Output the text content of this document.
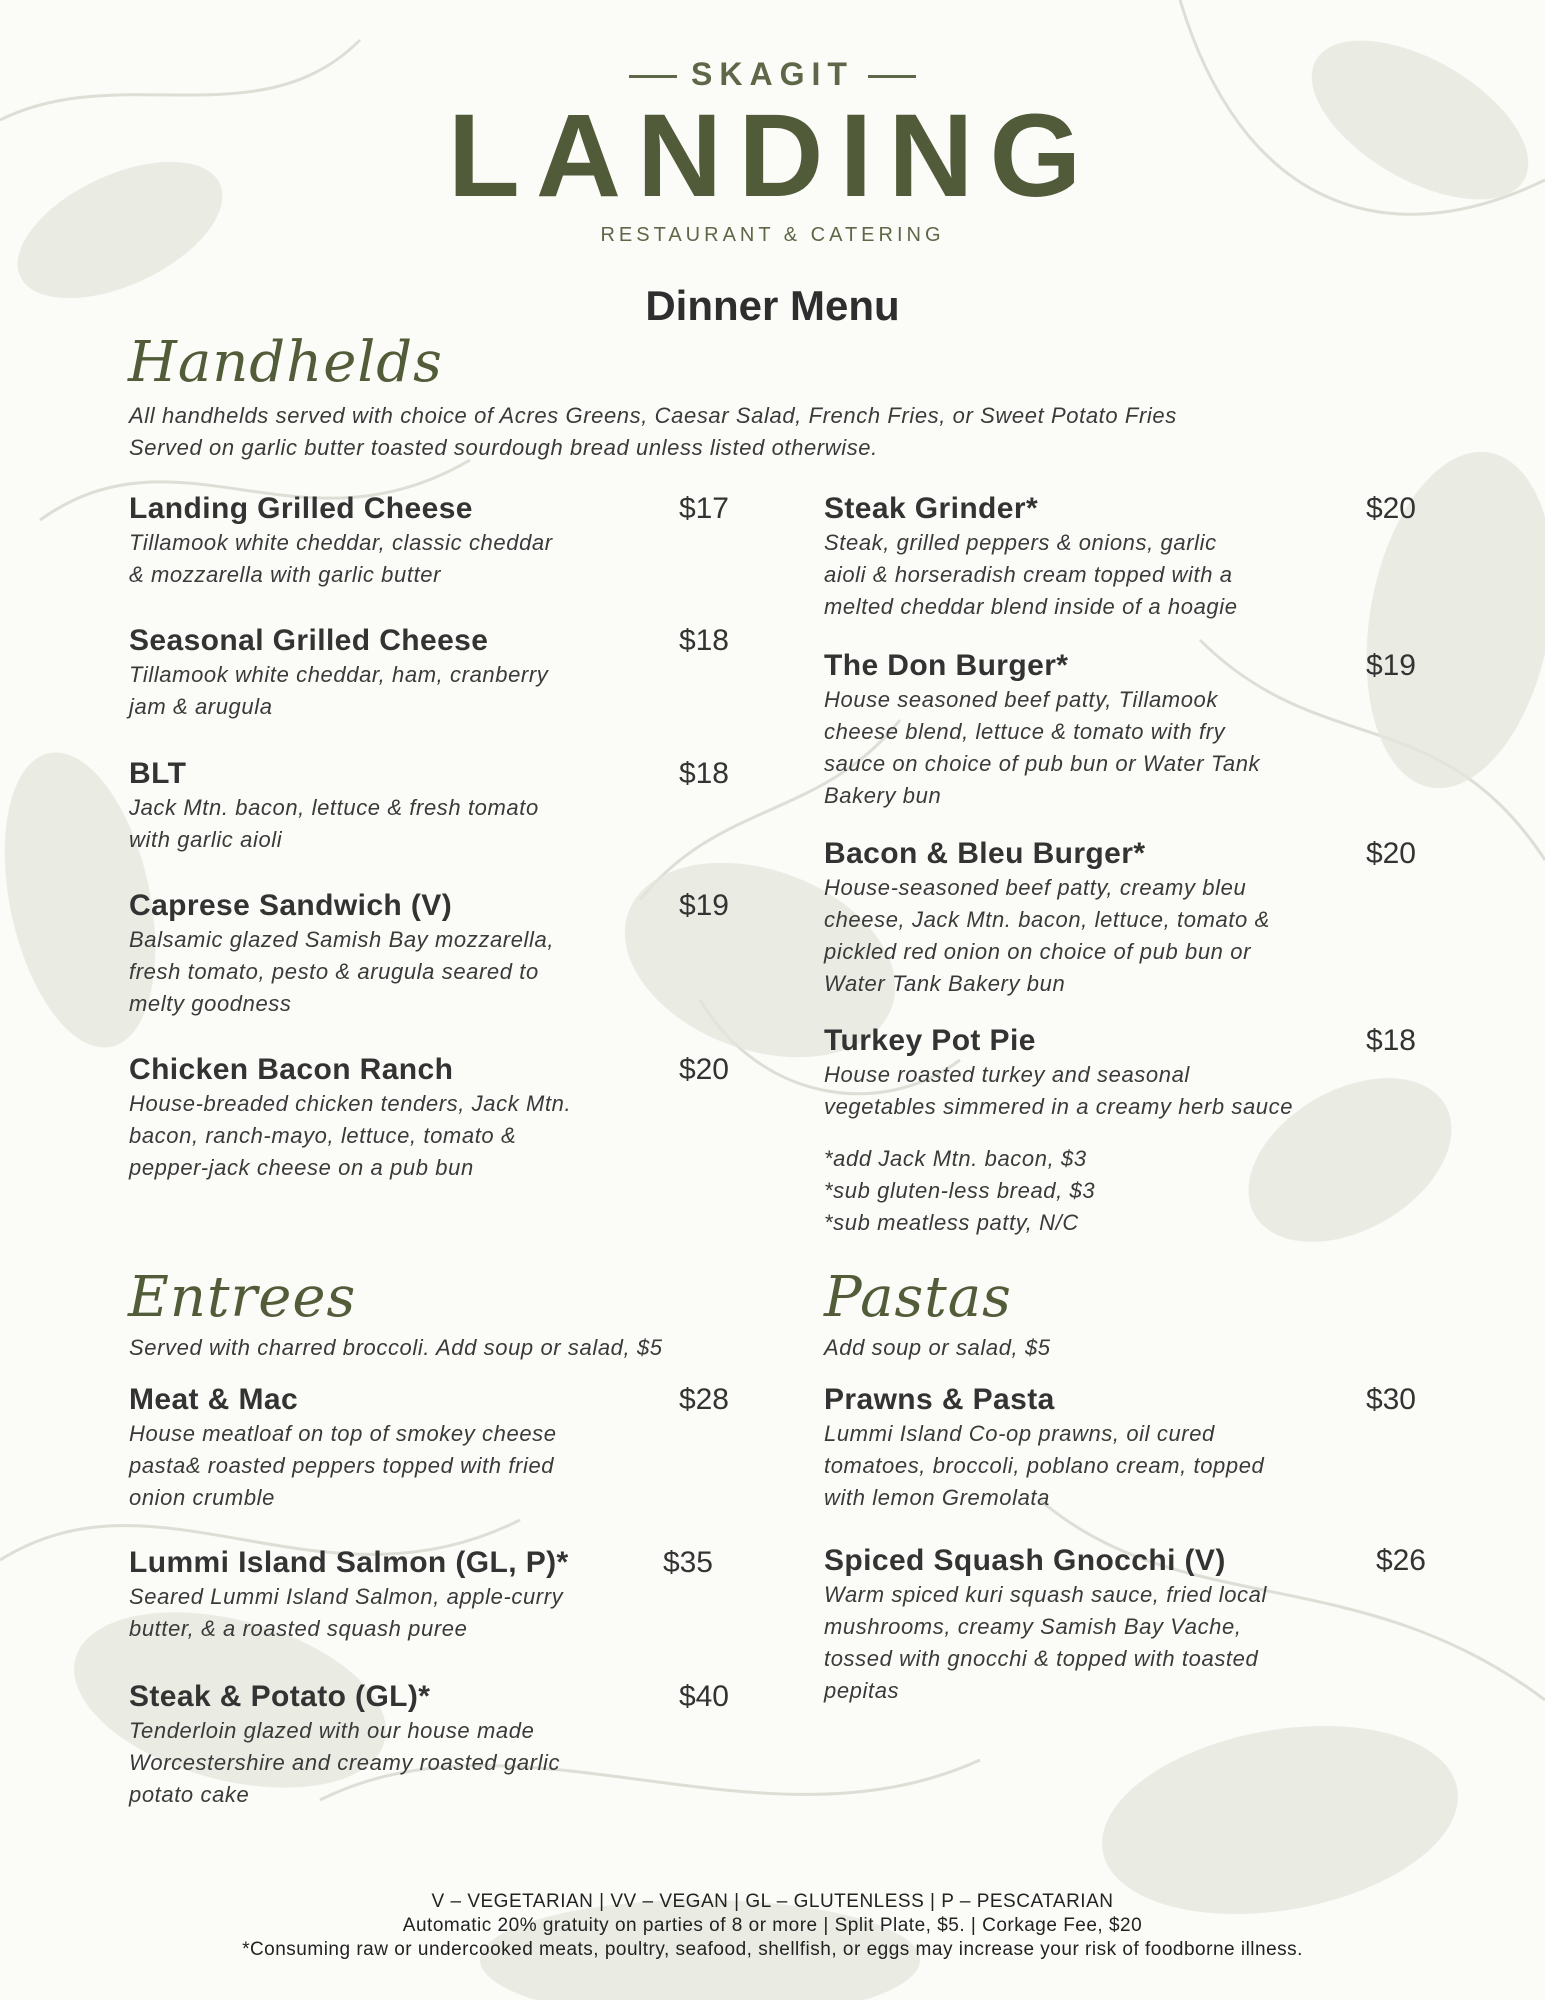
SKAGIT
LANDING
RESTAURANT & CATERING
Dinner Menu
Handhelds
All handhelds served with choice of Acres Greens, Caesar Salad, French Fries, or Sweet Potato Fries
Served on garlic butter toasted sourdough bread unless listed otherwise.
Landing Grilled Cheese	$17
Tillamook white cheddar, classic cheddar
& mozzarella with garlic butter
Seasonal Grilled Cheese	$18
Tillamook white cheddar, ham, cranberry
jam & arugula
BLT	$18
Jack Mtn. bacon, lettuce & fresh tomato
with garlic aioli
Caprese Sandwich (V)	$19
Balsamic glazed Samish Bay mozzarella,
fresh tomato, pesto & arugula seared to
melty goodness
Chicken Bacon Ranch	$20
House-breaded chicken tenders, Jack Mtn.
bacon, ranch-mayo, lettuce, tomato &
pepper-jack cheese on a pub bun
Steak Grinder*	$20
Steak, grilled peppers & onions, garlic
aioli & horseradish cream topped with a
melted cheddar blend inside of a hoagie
The Don Burger*	$19
House seasoned beef patty, Tillamook
cheese blend, lettuce & tomato with fry
sauce on choice of pub bun or Water Tank
Bakery bun
Bacon & Bleu Burger*	$20
House-seasoned beef patty, creamy bleu
cheese, Jack Mtn. bacon, lettuce, tomato &
pickled red onion on choice of pub bun or
Water Tank Bakery bun
Turkey Pot Pie	$18
House roasted turkey and seasonal
vegetables simmered in a creamy herb sauce
*add Jack Mtn. bacon, $3
*sub gluten-less bread, $3
*sub meatless patty, N/C
Entrees
Served with charred broccoli. Add soup or salad, $5
Meat & Mac	$28
House meatloaf on top of smokey cheese
pasta& roasted peppers topped with fried
onion crumble
Lummi Island Salmon (GL, P)*	$35
Seared Lummi Island Salmon, apple-curry
butter, & a roasted squash puree
Steak & Potato (GL)*	$40
Tenderloin glazed with our house made
Worcestershire and creamy roasted garlic
potato cake
Pastas
Add soup or salad, $5
Prawns & Pasta	$30
Lummi Island Co-op prawns, oil cured
tomatoes, broccoli, poblano cream, topped
with lemon Gremolata
Spiced Squash Gnocchi (V)	$26
Warm spiced kuri squash sauce, fried local
mushrooms, creamy Samish Bay Vache,
tossed with gnocchi & topped with toasted
pepitas
V – VEGETARIAN | VV – VEGAN | GL – GLUTENLESS | P – PESCATARIAN
Automatic 20% gratuity on parties of 8 or more | Split Plate, $5. | Corkage Fee, $20
*Consuming raw or undercooked meats, poultry, seafood, shellfish, or eggs may increase your risk of foodborne illness.
